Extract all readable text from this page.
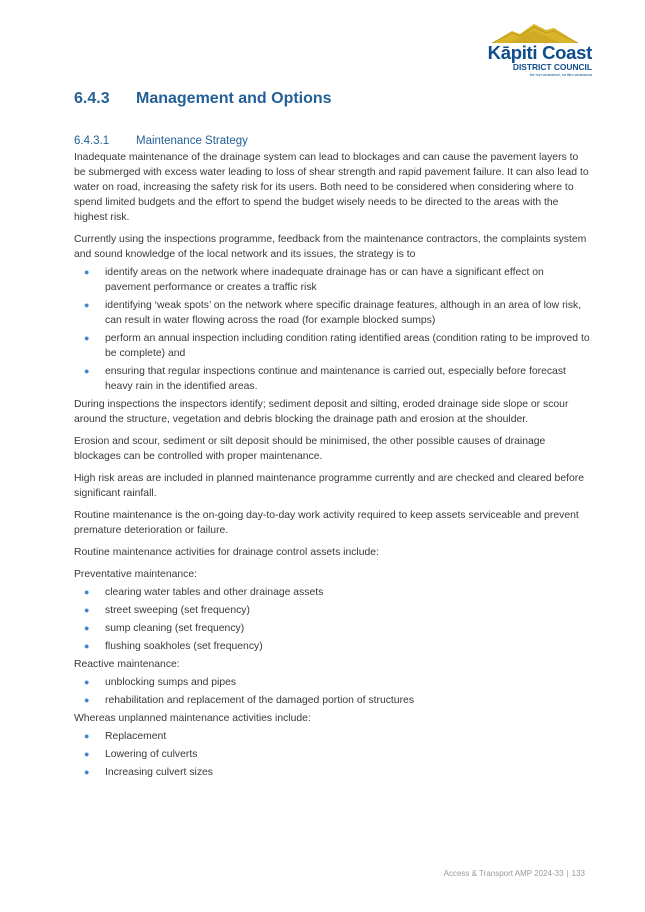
Kāpiti Coast
DISTRICT COUNCIL
Me huri whakamuri, ka titiro whakamua
6.4.3 Management and Options
6.4.3.1 Maintenance Strategy

Inadequate maintenance of the drainage system can lead to blockages and can cause the pavement layers to be submerged with excess water leading to loss of shear strength and rapid pavement failure. It can also lead to water on road, increasing the safety risk for its users. Both need to be considered when considering where to spend limited budgets and the effort to spend the budget wisely needs to be directed to the areas with the highest risk.

Currently using the inspections programme, feedback from the maintenance contractors, the complaints system and sound knowledge of the local network and its issues, the strategy is to

● identify areas on the network where inadequate drainage has or can have a significant effect on pavement performance or creates a traffic risk
● identifying ‘weak spots’ on the network where specific drainage features, although in an area of low risk, can result in water flowing across the road (for example blocked sumps)
● perform an annual inspection including condition rating identified areas (condition rating to be improved to be complete) and
● ensuring that regular inspections continue and maintenance is carried out, especially before forecast heavy rain in the identified areas.

During inspections the inspectors identify; sediment deposit and silting, eroded drainage side slope or scour around the structure, vegetation and debris blocking the drainage path and erosion at the shoulder.

Erosion and scour, sediment or silt deposit should be minimised, the other possible causes of drainage blockages can be controlled with proper maintenance.

High risk areas are included in planned maintenance programme currently and are checked and cleared before significant rainfall.

Routine maintenance is the on-going day-to-day work activity required to keep assets serviceable and prevent premature deterioration or failure.

Routine maintenance activities for drainage control assets include:

Preventative maintenance:

● clearing water tables and other drainage assets
● street sweeping (set frequency)
● sump cleaning (set frequency)
● flushing soakholes (set frequency)

Reactive maintenance:

● unblocking sumps and pipes
● rehabilitation and replacement of the damaged portion of structures

Whereas unplanned maintenance activities include:

● Replacement
● Lowering of culverts
● Increasing culvert sizes
Access & Transport AMP 2024-33 | 133
